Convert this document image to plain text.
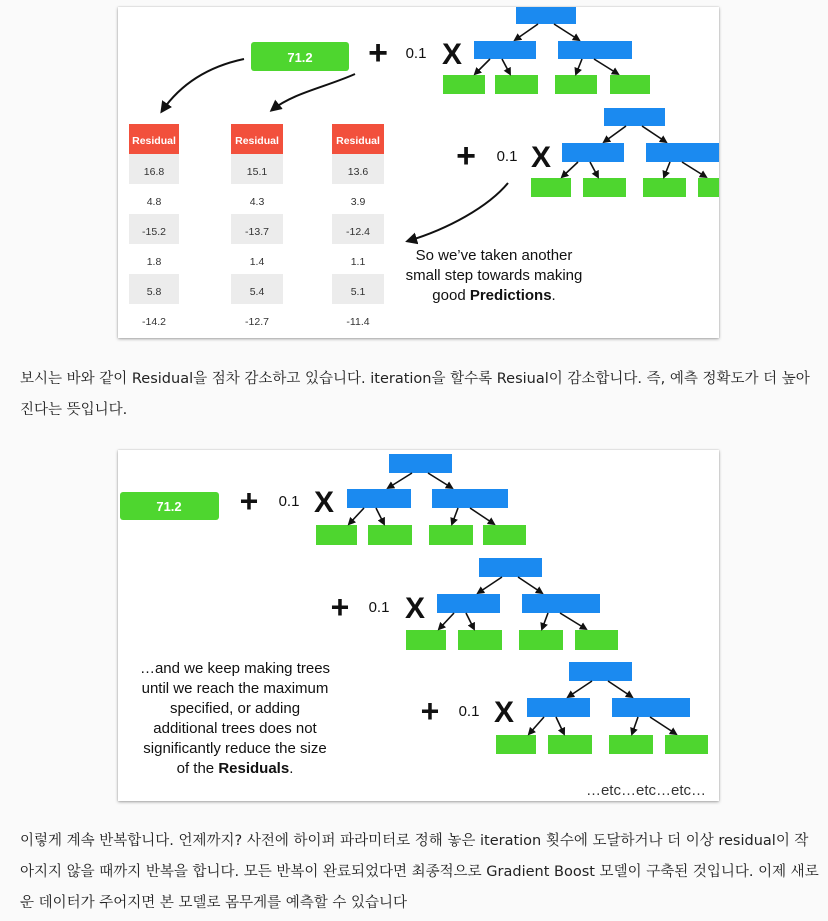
71.2 + 0.1 X
Residual
16.8
4.8
-15.2
1.8
5.8
-14.2
Residual
15.1
4.3
-13.7
1.4
5.4
-12.7
Residual
13.6
3.9
-12.4
1.1
5.1
-11.4
+ 0.1 X
So we’ve taken another
small step towards making
good Predictions.

보시는 바와 같이 Residual을 점차 감소하고 있습니다. iteration을 할수록 Resiual이 감소합니다. 즉, 예측 정확도가 더 높아진다는 뜻입니다.

71.2 + 0.1 X
+ 0.1 X
+ 0.1 X
…and we keep making trees
until we reach the maximum
specified, or adding
additional trees does not
significantly reduce the size
of the Residuals.
…etc…etc…etc…

이렇게 계속 반복합니다. 언제까지? 사전에 하이퍼 파라미터로 정해 놓은 iteration 횟수에 도달하거나 더 이상 residual이 작아지지 않을 때까지 반복을 합니다. 모든 반복이 완료되었다면 최종적으로 Gradient Boost 모델이 구축된 것입니다. 이제 새로운 데이터가 주어지면 본 모델로 몸무게를 예측할 수 있습니다
